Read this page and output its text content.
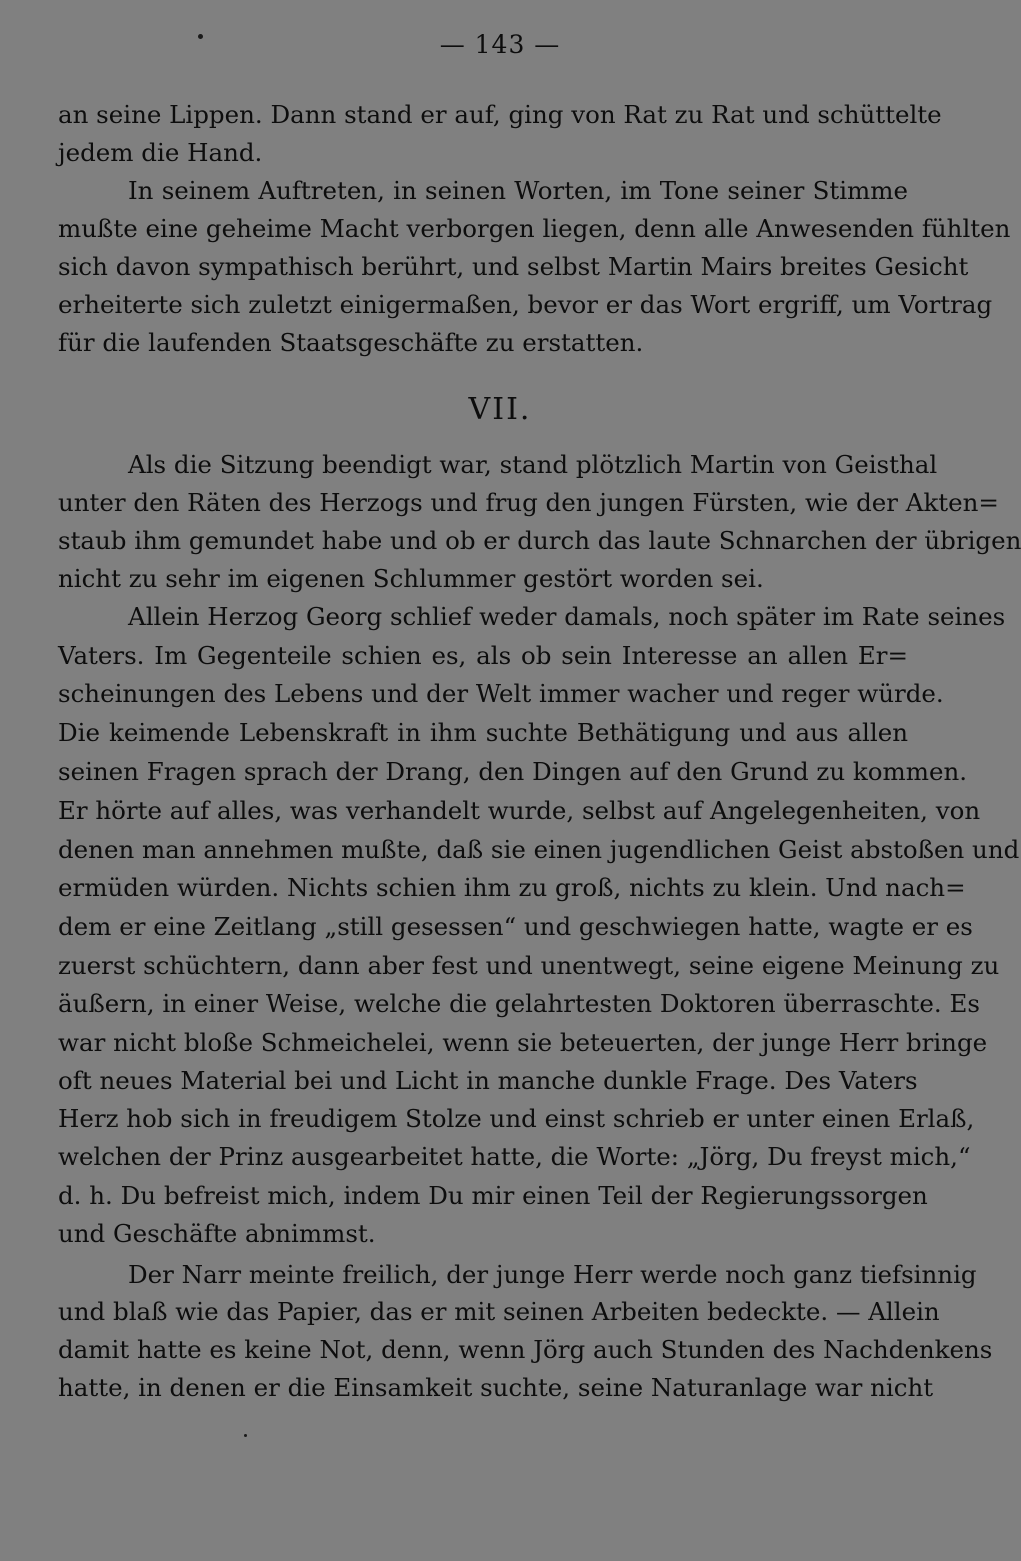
— 143 —
an seine Lippen. Dann stand er auf, ging von Rat zu Rat und schüttelte
jedem die Hand.
In seinem Auftreten, in seinen Worten, im Tone seiner Stimme
mußte eine geheime Macht verborgen liegen, denn alle Anwesenden fühlten
sich davon sympathisch berührt, und selbst Martin Mairs breites Gesicht
erheiterte sich zuletzt einigermaßen, bevor er das Wort ergriff, um Vortrag
für die laufenden Staatsgeschäfte zu erstatten.
VII.
Als die Sitzung beendigt war, stand plötzlich Martin von Geisthal
unter den Räten des Herzogs und frug den jungen Fürsten, wie der Akten=
staub ihm gemundet habe und ob er durch das laute Schnarchen der übrigen
nicht zu sehr im eigenen Schlummer gestört worden sei.
Allein Herzog Georg schlief weder damals, noch später im Rate seines
Vaters. Im Gegenteile schien es, als ob sein Interesse an allen Er=
scheinungen des Lebens und der Welt immer wacher und reger würde.
Die keimende Lebenskraft in ihm suchte Bethätigung und aus allen
seinen Fragen sprach der Drang, den Dingen auf den Grund zu kommen.
Er hörte auf alles, was verhandelt wurde, selbst auf Angelegenheiten, von
denen man annehmen mußte, daß sie einen jugendlichen Geist abstoßen und
ermüden würden. Nichts schien ihm zu groß, nichts zu klein. Und nach=
dem er eine Zeitlang „still gesessen“ und geschwiegen hatte, wagte er es
zuerst schüchtern, dann aber fest und unentwegt, seine eigene Meinung zu
äußern, in einer Weise, welche die gelahrtesten Doktoren überraschte. Es
war nicht bloße Schmeichelei, wenn sie beteuerten, der junge Herr bringe
oft neues Material bei und Licht in manche dunkle Frage. Des Vaters
Herz hob sich in freudigem Stolze und einst schrieb er unter einen Erlaß,
welchen der Prinz ausgearbeitet hatte, die Worte: „Jörg, Du freyst mich,“
d. h. Du befreist mich, indem Du mir einen Teil der Regierungssorgen
und Geschäfte abnimmst.
Der Narr meinte freilich, der junge Herr werde noch ganz tiefsinnig
und blaß wie das Papier, das er mit seinen Arbeiten bedeckte. — Allein
damit hatte es keine Not, denn, wenn Jörg auch Stunden des Nachdenkens
hatte, in denen er die Einsamkeit suchte, seine Naturanlage war nicht
